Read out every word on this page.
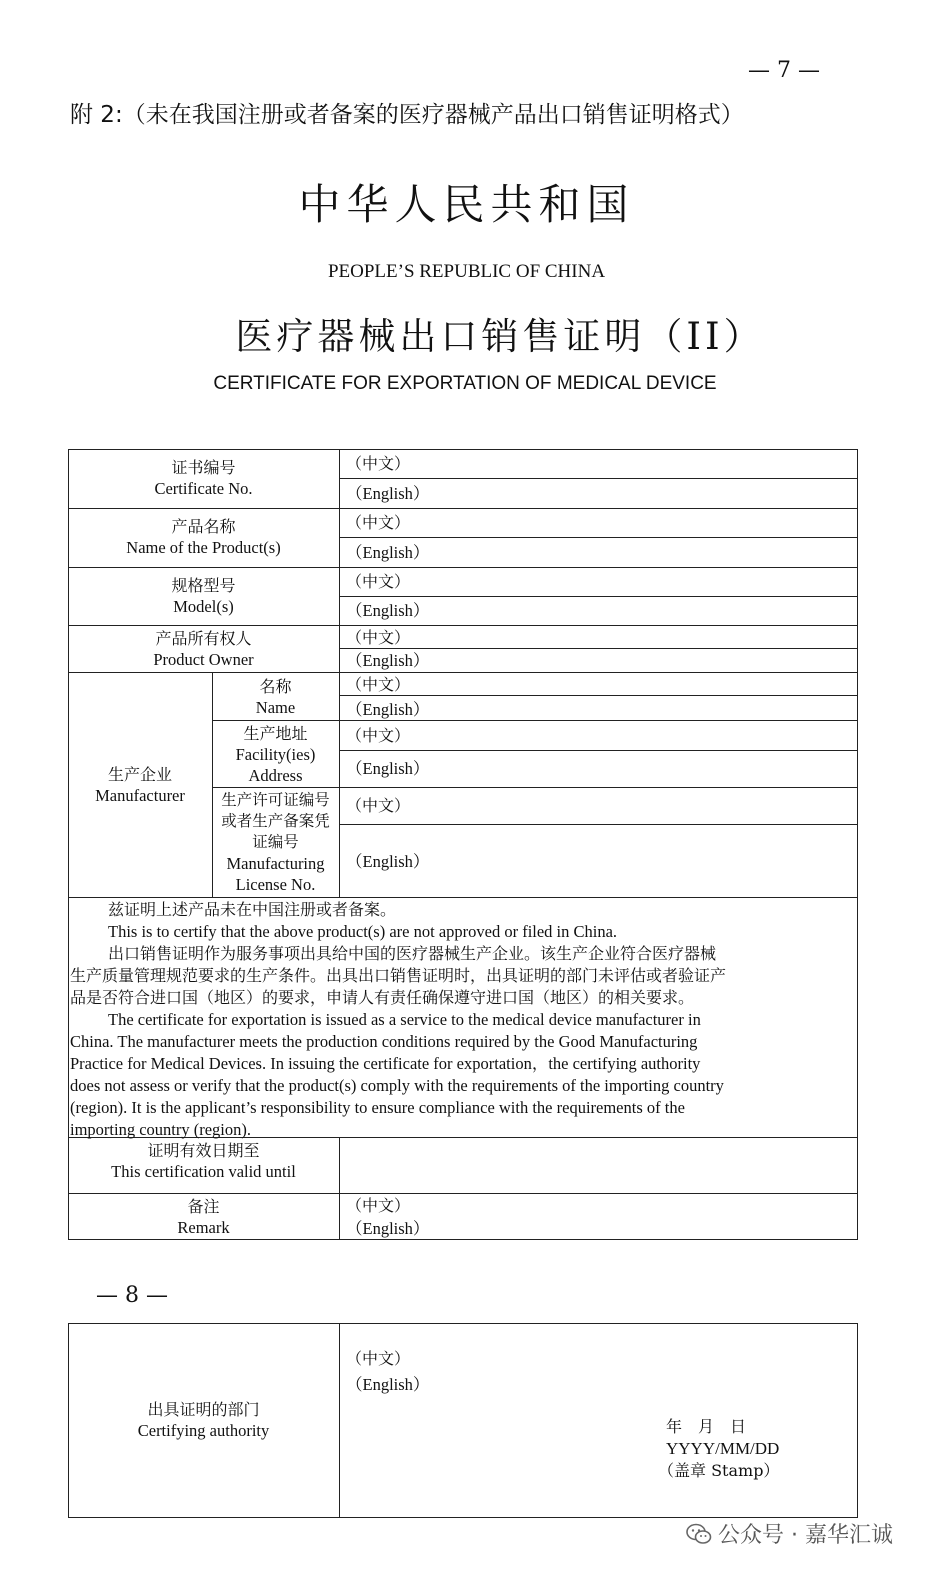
— 7 —
附 2:（未在我国注册或者备案的医疗器械产品出口销售证明格式）
中华人民共和国
PEOPLE’S REPUBLIC OF CHINA
医疗器械出口销售证明（II）
CERTIFICATE FOR EXPORTATION OF MEDICAL DEVICE
证书编号
Certificate No.
（中文）
（English）
产品名称
Name of the Product(s)
（中文）
（English）
规格型号
Model(s)
（中文）
（English）
产品所有权人
Product Owner
（中文）
（English）
生产企业
Manufacturer
名称
Name
（中文）
（English）
生产地址
Facility(ies)
Address
（中文）
（English）
生产许可证编号
或者生产备案凭
证编号
Manufacturing
License No.
（中文）
（English）
兹证明上述产品未在中国注册或者备案。
This is to certify that the above product(s) are not approved or filed in China.
出口销售证明作为服务事项出具给中国的医疗器械生产企业。该生产企业符合医疗器械
生产质量管理规范要求的生产条件。出具出口销售证明时，出具证明的部门未评估或者验证产
品是否符合进口国（地区）的要求，申请人有责任确保遵守进口国（地区）的相关要求。
The certificate for exportation is issued as a service to the medical device manufacturer in
China. The manufacturer meets the production conditions required by the Good Manufacturing
Practice for Medical Devices. In issuing the certificate for exportation，the certifying authority
does not assess or verify that the product(s) comply with the requirements of the importing country
(region). It is the applicant’s responsibility to ensure compliance with the requirements of the
importing country (region).
证明有效日期至
This certification valid until
备注
Remark
（中文）
（English）
— 8 —
出具证明的部门
Certifying authority
（中文）
（English）
年　月　日
YYYY/MM/DD
（盖章 Stamp）
公众号 · 嘉华汇诚
